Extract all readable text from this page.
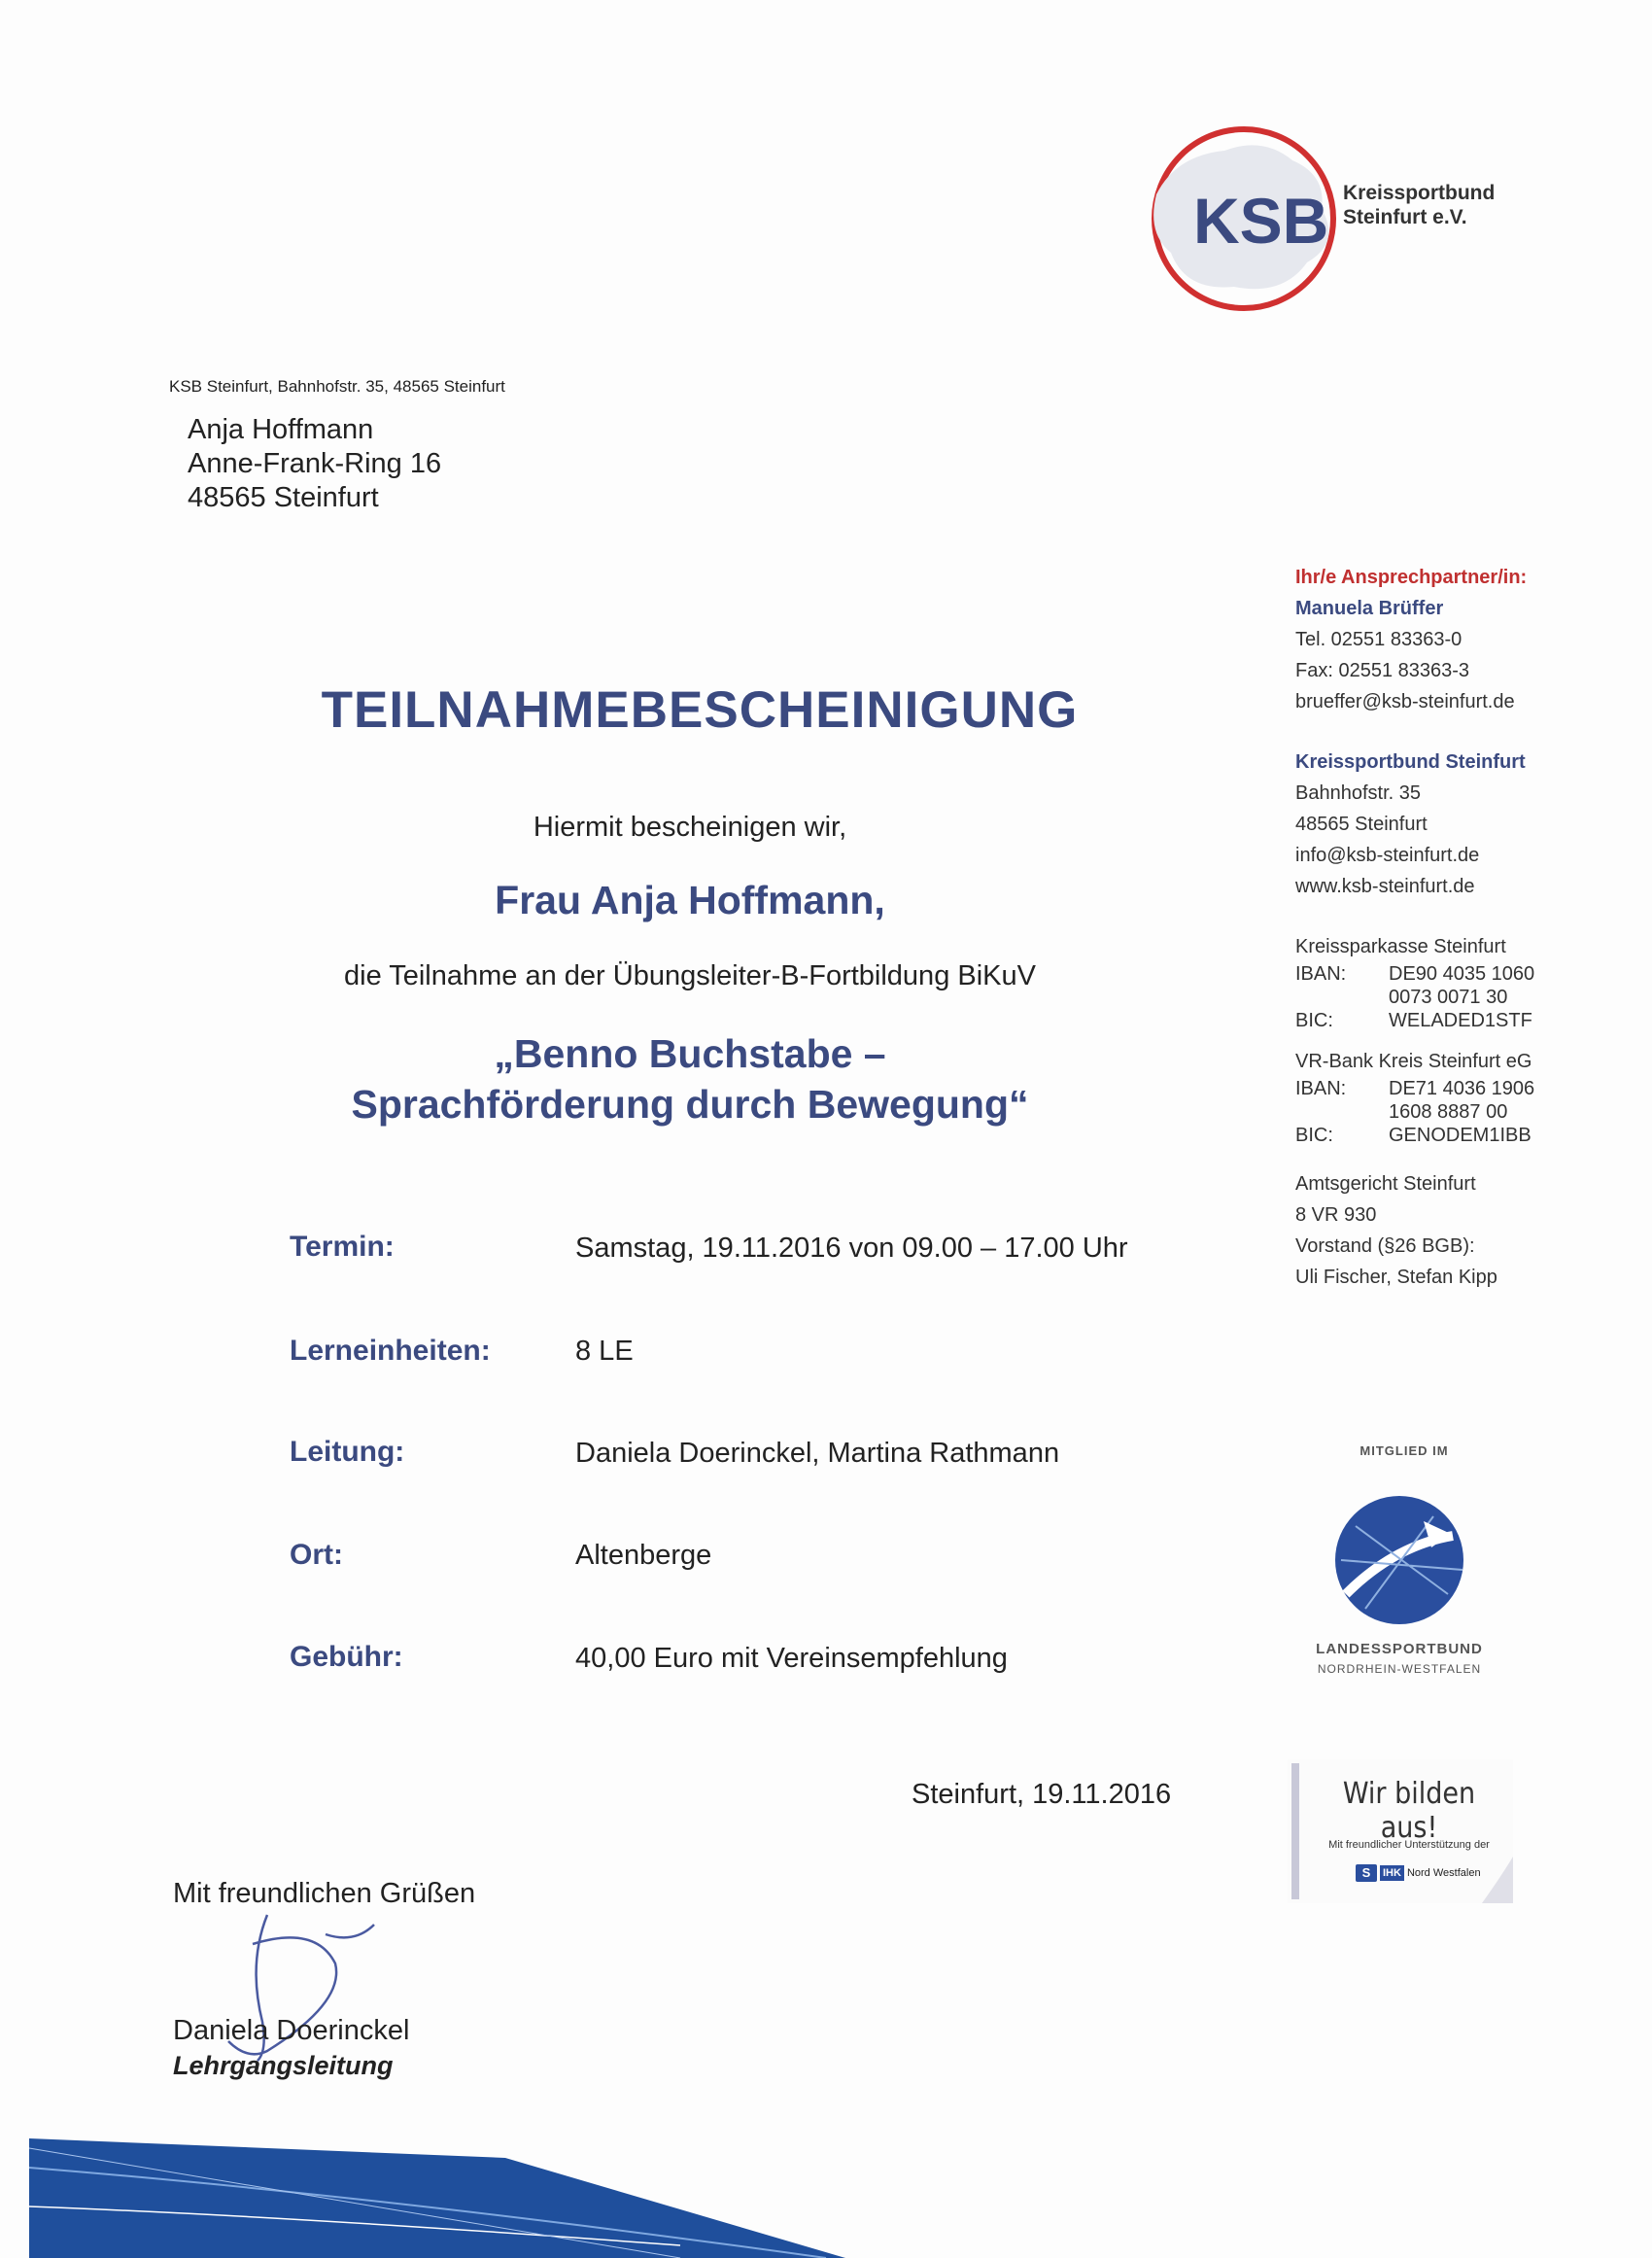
KSB Kreissportbund
Steinfurt e.V.
KSB Steinfurt, Bahnhofstr. 35, 48565 Steinfurt
Anja Hoffmann
Anne-Frank-Ring 16
48565 Steinfurt
TEILNAHMEBESCHEINIGUNG
Hiermit bescheinigen wir,
Frau Anja Hoffmann,
die Teilnahme an der Übungsleiter-B-Fortbildung BiKuV
„Benno Buchstabe –
Sprachförderung durch Bewegung“
Termin:	Samstag, 19.11.2016 von 09.00 – 17.00 Uhr
Lerneinheiten:	8 LE
Leitung:	Daniela Doerinckel, Martina Rathmann
Ort:	Altenberge
Gebühr:	40,00 Euro mit Vereinsempfehlung
Ihr/e Ansprechpartner/in:
Manuela Brüffer
Tel. 02551 83363-0
Fax: 02551 83363-3
brueffer@ksb-steinfurt.de
Kreissportbund Steinfurt
Bahnhofstr. 35
48565 Steinfurt
info@ksb-steinfurt.de
www.ksb-steinfurt.de
Kreissparkasse Steinfurt
IBAN:	DE90 4035 1060
0073 0071 30
BIC:	WELADED1STF
VR-Bank Kreis Steinfurt eG
IBAN:	DE71 4036 1906
1608 8887 00
BIC:	GENODEM1IBB
Amtsgericht Steinfurt
8 VR 930
Vorstand (§26 BGB):
Uli Fischer, Stefan Kipp
MITGLIED IM
LANDESSPORTBUND
NORDRHEIN-WESTFALEN
Wir bilden aus!
Mit freundlicher Unterstützung der
S	IHK Nord Westfalen
Steinfurt, 19.11.2016
Mit freundlichen Grüßen
Daniela Doerinckel
Lehrgangsleitung
